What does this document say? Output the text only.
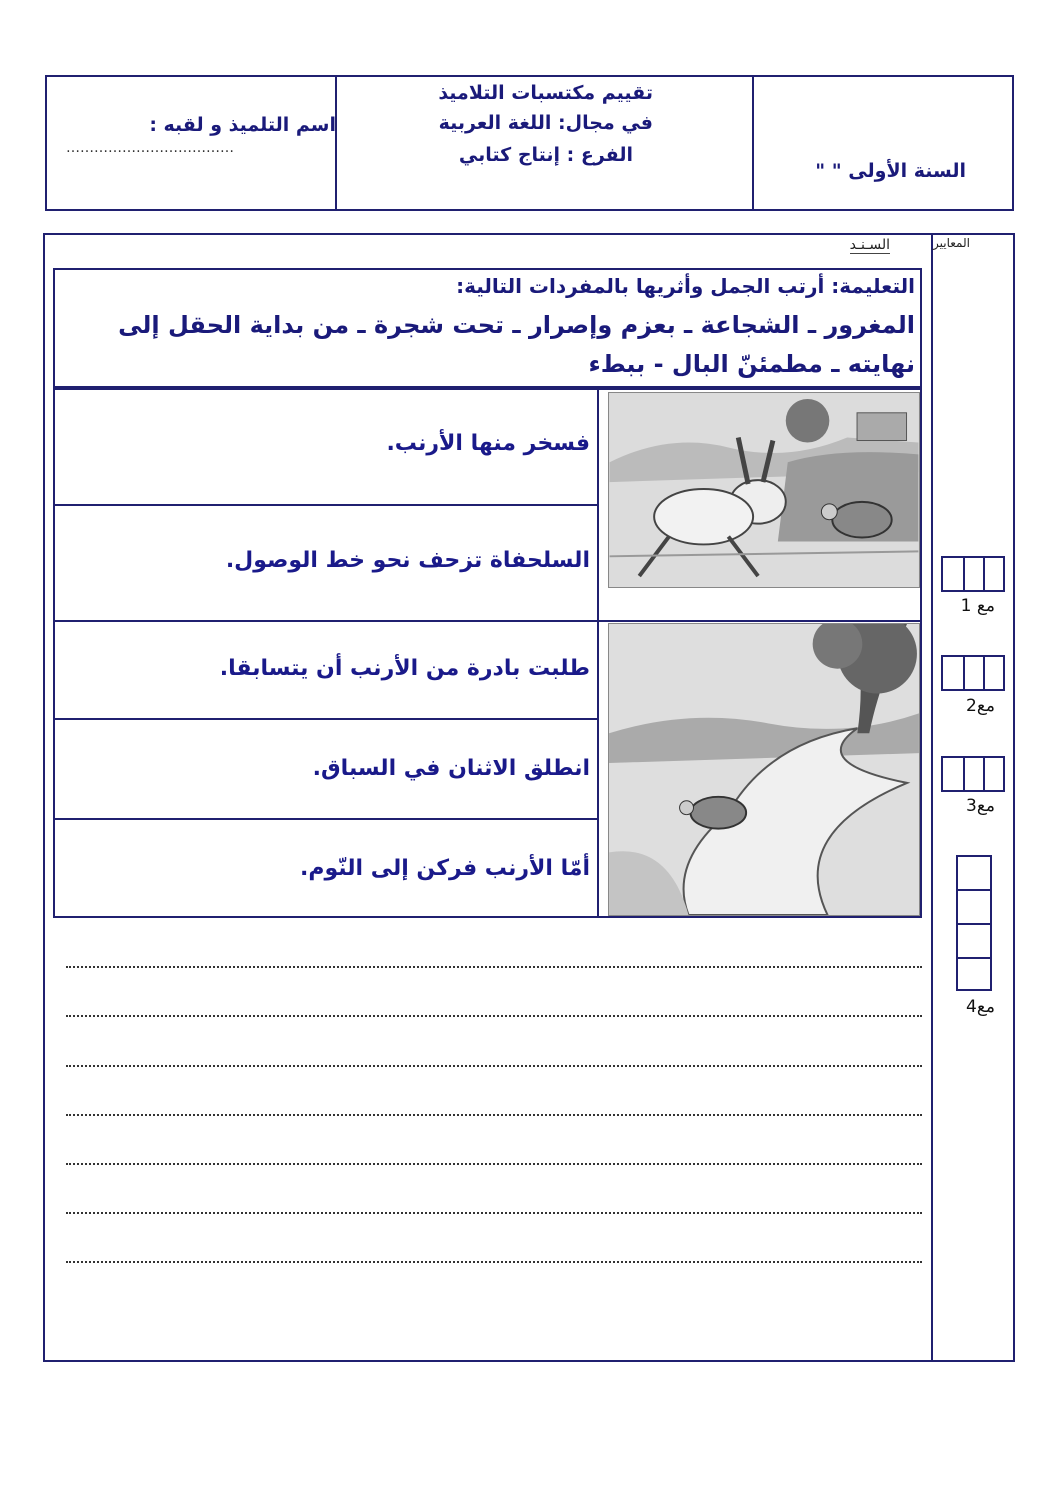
اسم التلميذ و لقبه :
………………………………
تقييم مكتسبات التلاميذ
في مجال: اللغة العربية
الفرع : إنتاج كتابي
السنة الأولى " "
المعايير
السـنـد
التعليمة: أرتب الجمل وأثريها بالمفردات التالية:
المغرور ـ الشجاعة ـ بعزم وإصرار ـ تحت شجرة ـ من بداية الحقل إلى
نهايته ـ مطمئنّ البال - ببطء
فسخر منها الأرنب.
السلحفاة تزحف نحو خط الوصول.
طلبت بادرة من الأرنب أن يتسابقا.
انطلق الاثنان في السباق.
أمّا الأرنب فركن إلى النّوم.
مع 1
مع2
مع3
مع4
